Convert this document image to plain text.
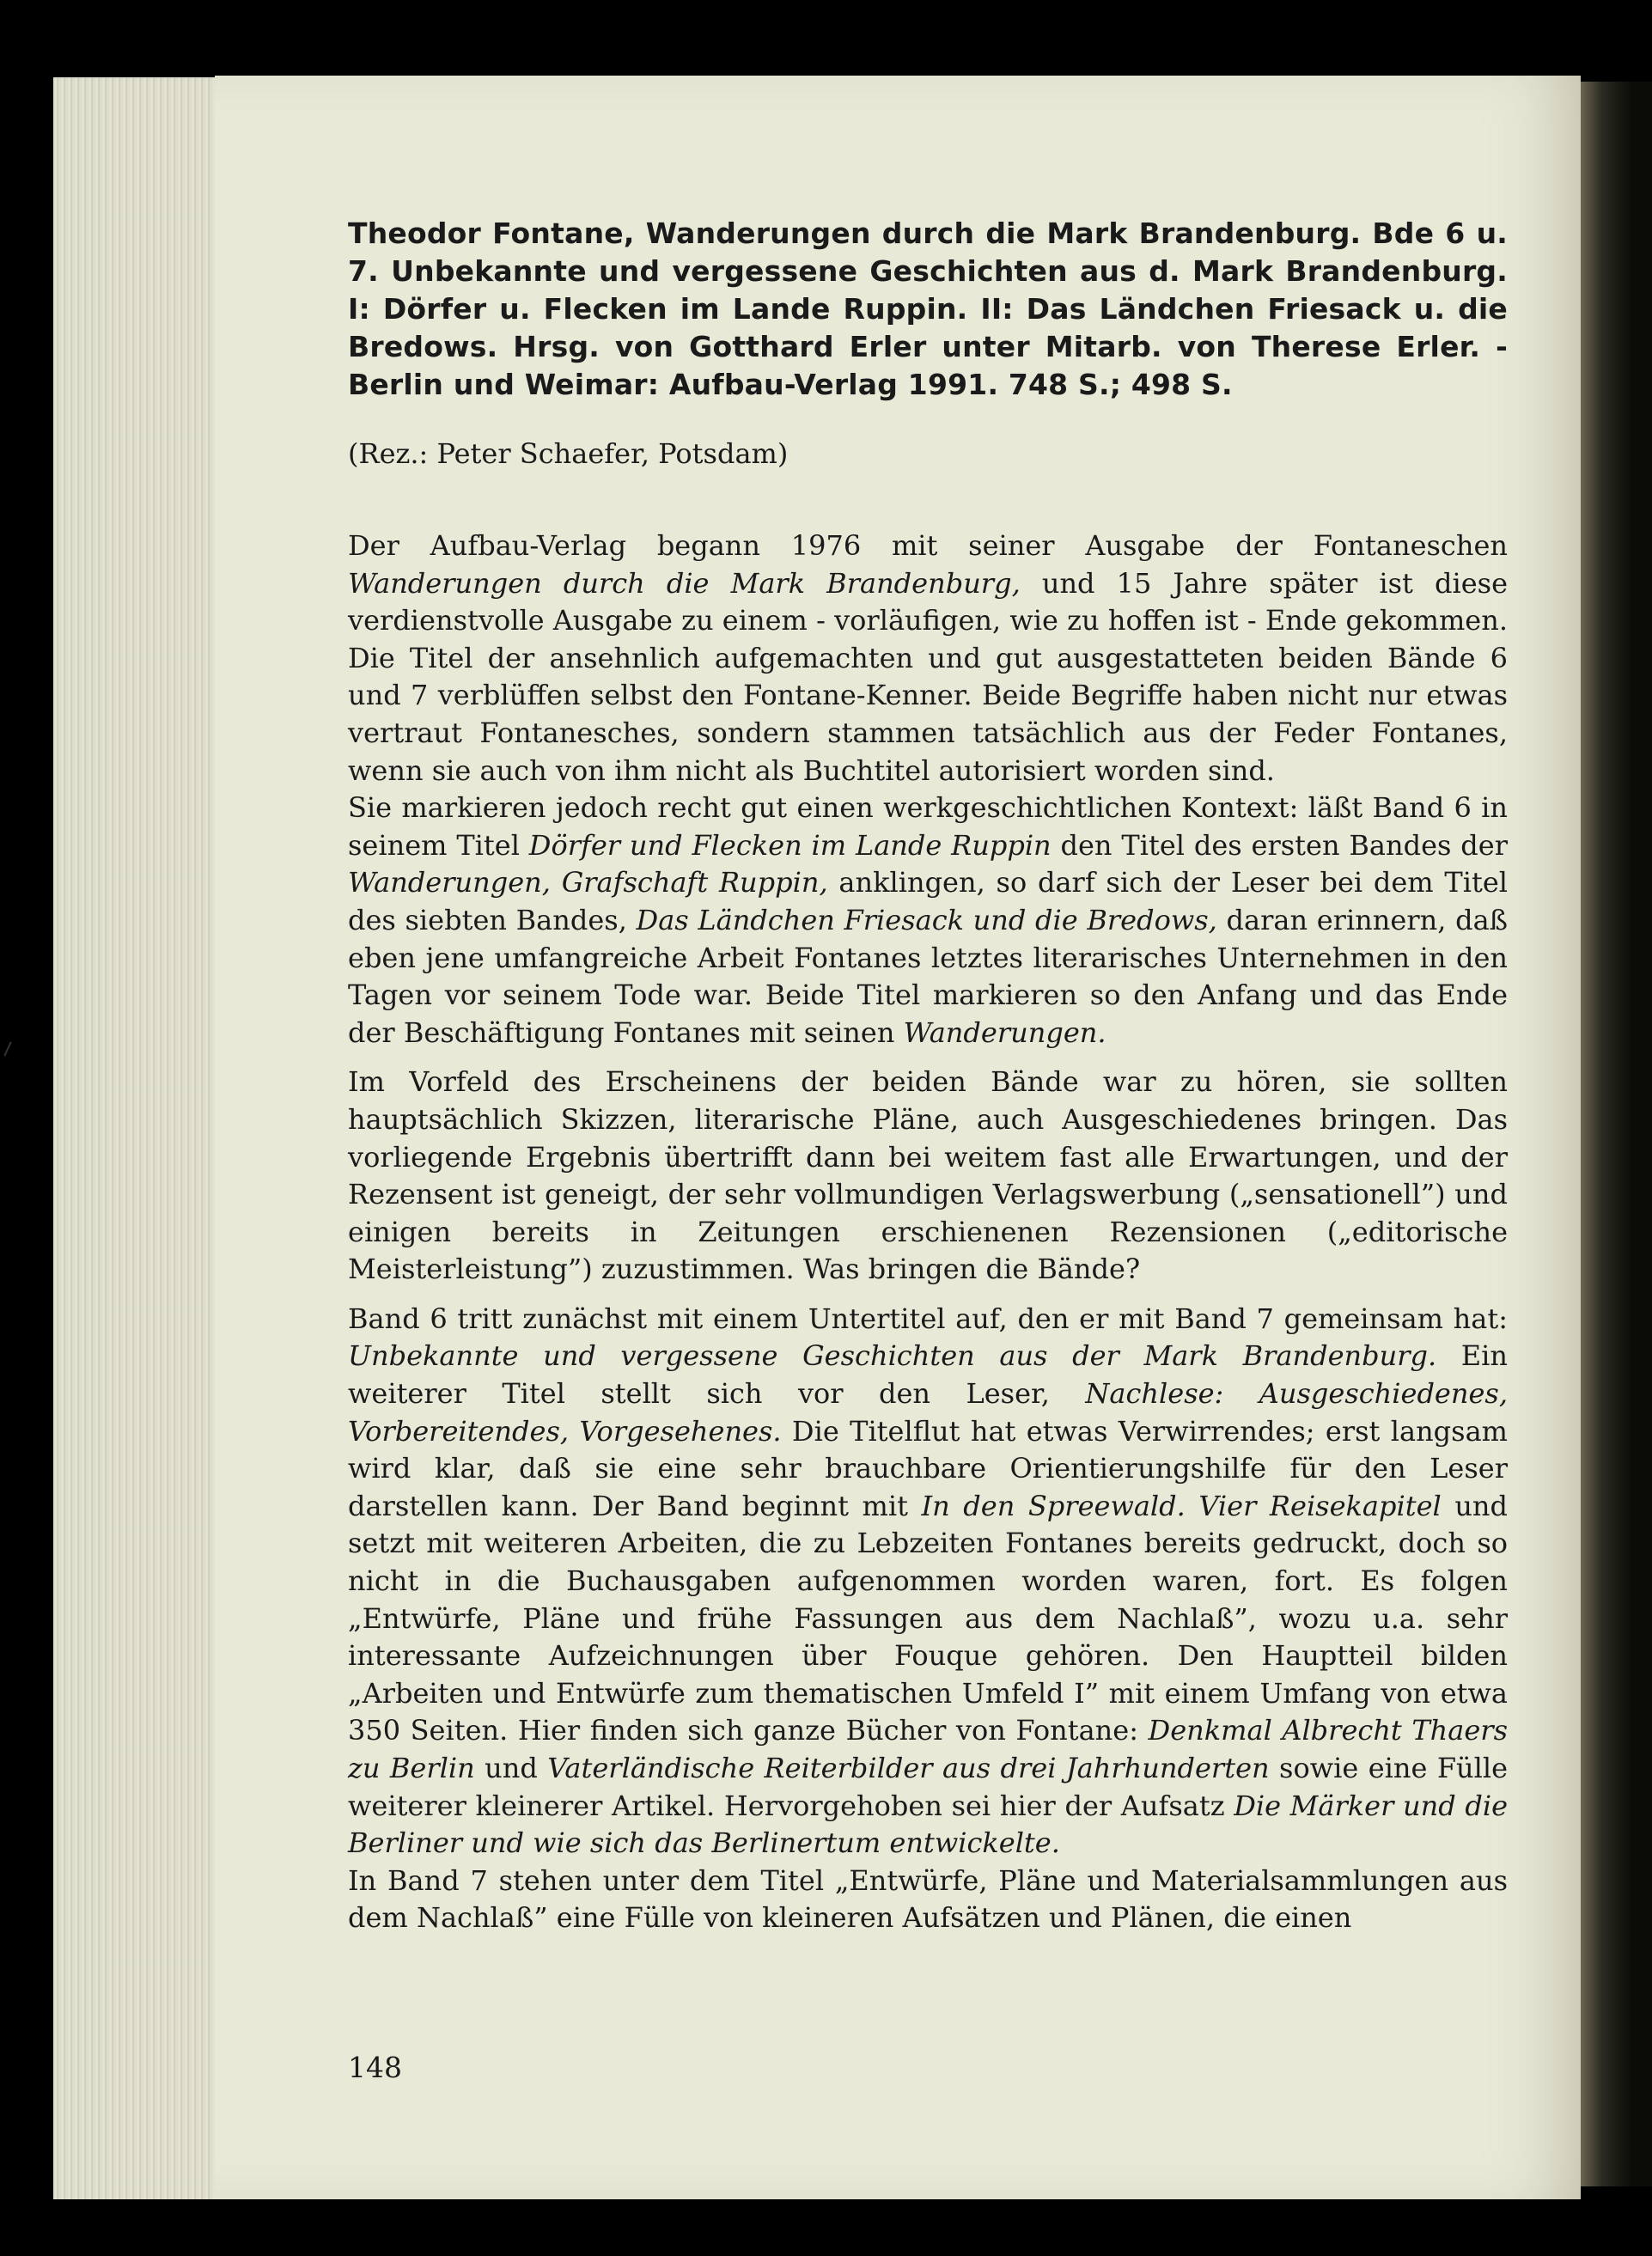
Theodor Fontane, Wanderungen durch die Mark Brandenburg. Bde 6 u. 7. Unbekannte und vergessene Geschichten aus d. Mark Brandenburg. I: Dörfer u. Flecken im Lande Ruppin. II: Das Ländchen Friesack u. die Bredows. Hrsg. von Gotthard Erler unter Mitarb. von Therese Erler. - Berlin und Weimar: Aufbau-Verlag 1991. 748 S.; 498 S.

(Rez.: Peter Schaefer, Potsdam)

Der Aufbau-Verlag begann 1976 mit seiner Ausgabe der Fontaneschen Wanderungen durch die Mark Brandenburg, und 15 Jahre später ist diese verdienstvolle Ausgabe zu einem - vorläufigen, wie zu hoffen ist - Ende gekommen. Die Titel der ansehnlich aufgemachten und gut ausgestatteten beiden Bände 6 und 7 verblüffen selbst den Fontane-Kenner. Beide Begriffe haben nicht nur etwas vertraut Fontanesches, sondern stammen tatsächlich aus der Feder Fontanes, wenn sie auch von ihm nicht als Buchtitel autorisiert worden sind.

Sie markieren jedoch recht gut einen werkgeschichtlichen Kontext: läßt Band 6 in seinem Titel Dörfer und Flecken im Lande Ruppin den Titel des ersten Bandes der Wanderungen, Grafschaft Ruppin, anklingen, so darf sich der Leser bei dem Titel des siebten Bandes, Das Ländchen Friesack und die Bredows, daran erinnern, daß eben jene umfangreiche Arbeit Fontanes letztes literarisches Unternehmen in den Tagen vor seinem Tode war. Beide Titel markieren so den Anfang und das Ende der Beschäftigung Fontanes mit seinen Wanderungen.

Im Vorfeld des Erscheinens der beiden Bände war zu hören, sie sollten hauptsächlich Skizzen, literarische Pläne, auch Ausgeschiedenes bringen. Das vorliegende Ergebnis übertrifft dann bei weitem fast alle Erwartungen, und der Rezensent ist geneigt, der sehr vollmundigen Verlagswerbung („sensationell”) und einigen bereits in Zeitungen erschienenen Rezensionen („editorische Meisterleistung”) zuzustimmen. Was bringen die Bände?

Band 6 tritt zunächst mit einem Untertitel auf, den er mit Band 7 gemeinsam hat: Unbekannte und vergessene Geschichten aus der Mark Brandenburg. Ein weiterer Titel stellt sich vor den Leser, Nachlese: Ausgeschiedenes, Vorbereitendes, Vorgesehenes. Die Titelflut hat etwas Verwirrendes; erst langsam wird klar, daß sie eine sehr brauchbare Orientierungshilfe für den Leser darstellen kann. Der Band beginnt mit In den Spreewald. Vier Reisekapitel und setzt mit weiteren Arbeiten, die zu Lebzeiten Fontanes bereits gedruckt, doch so nicht in die Buchausgaben aufgenommen worden waren, fort. Es folgen „Entwürfe, Pläne und frühe Fassungen aus dem Nachlaß”, wozu u.a. sehr interessante Aufzeichnungen über Fouque gehören. Den Hauptteil bilden „Arbeiten und Entwürfe zum thematischen Umfeld I” mit einem Umfang von etwa 350 Seiten. Hier finden sich ganze Bücher von Fontane: Denkmal Albrecht Thaers zu Berlin und Vaterländische Reiterbilder aus drei Jahrhunderten sowie eine Fülle weiterer kleinerer Artikel. Hervorgehoben sei hier der Aufsatz Die Märker und die Berliner und wie sich das Berlinertum entwickelte.

In Band 7 stehen unter dem Titel „Entwürfe, Pläne und Materialsammlungen aus dem Nachlaß” eine Fülle von kleineren Aufsätzen und Plänen, die einen

148
